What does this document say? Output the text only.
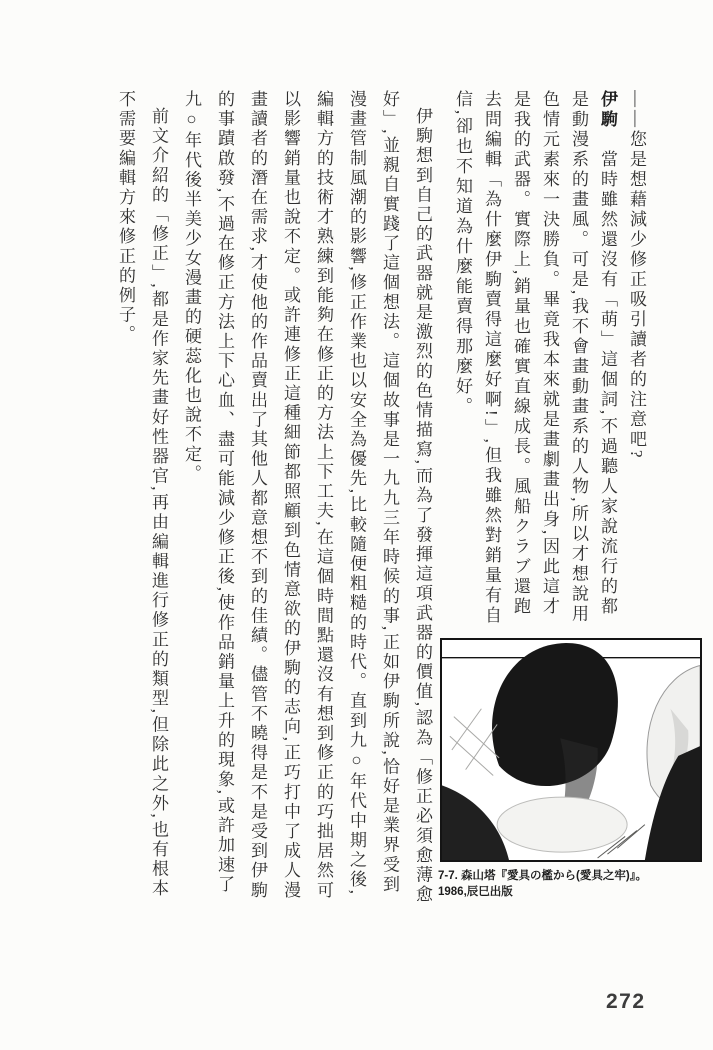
——您是想藉減少修正吸引讀者的注意吧?

伊駒　當時雖然還沒有「萌」這個詞,不過聽人家說流行的都是動漫系的畫風。可是,我不會畫動畫系的人物,所以才想說用色情元素來一決勝負。畢竟我本來就是畫劇畫出身,因此這才是我的武器。實際上,銷量也確實直線成長。風船クラブ還跑去問編輯「為什麼伊駒賣得這麼好啊!」,但我雖然對銷量有自信,卻也不知道為什麼能賣得那麼好。

伊駒想到自己的武器就是激烈的色情描寫,而為了發揮這項武器的價值,認為「修正必須愈薄愈好」,並親自實踐了這個想法。這個故事是一九九三年時候的事,正如伊駒所說,恰好是業界受到漫畫管制風潮的影響,修正作業也以安全為優先,比較隨便粗糙的時代。直到九○年代中期之後,編輯方的技術才熟練到能夠在修正的方法上下工夫,在這個時間點還沒有想到修正的巧拙居然可以影響銷量也說不定。或許連修正這種細節都照顧到色情意欲的伊駒的志向,正巧打中了成人漫畫讀者的潛在需求,才使他的作品賣出了其他人都意想不到的佳績。儘管不曉得是不是受到伊駒的事蹟啟發,不過在修正方法上下心血、盡可能減少修正後,使作品銷量上升的現象,或許加速了九○年代後半美少女漫畫的硬蕊化也說不定。

前文介紹的「修正」,都是作家先畫好性器官,再由編輯進行修正的類型,但除此之外,也有根本不需要編輯方來修正的例子。

7-7. 森山塔『愛具の檻から(愛具之牢)』。
1986,辰巳出版
272
